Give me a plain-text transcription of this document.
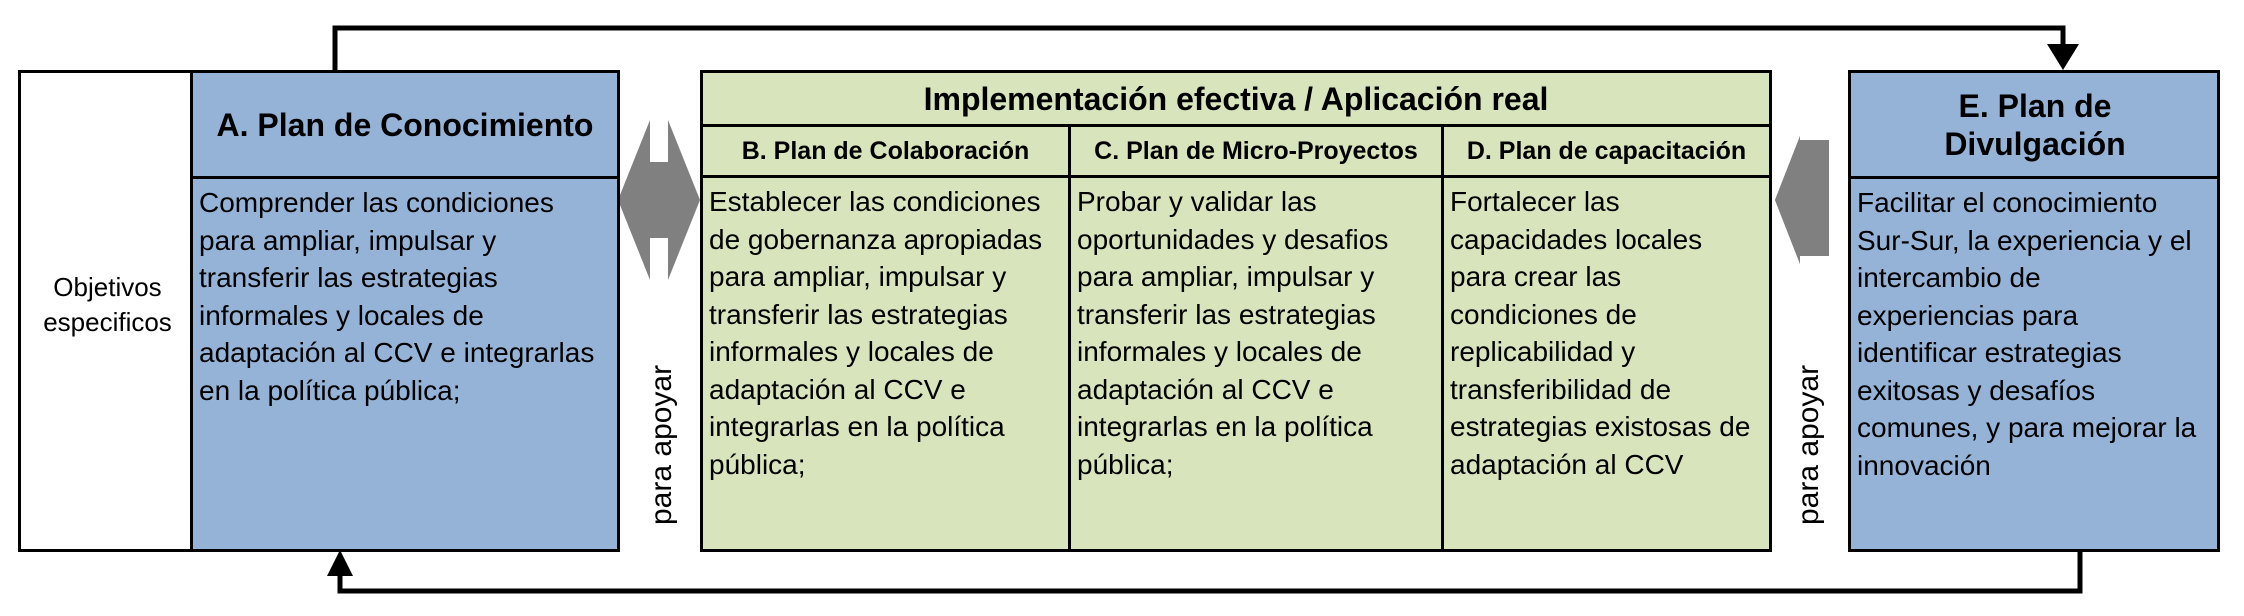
Objetivos especificos
A. Plan de Conocimiento
Comprender las condiciones para ampliar, impulsar y transferir las estrategias informales y locales de adaptación al CCV e integrarlas en la política pública;	para apoyar
Implementación efectiva / Aplicación real
B. Plan de Colaboración
Establecer las condiciones de gobernanza apropiadas para ampliar, impulsar y transferir las estrategias informales y locales de adaptación al CCV e integrarlas en la política pública;
C. Plan de Micro-Proyectos
Probar y validar las oportunidades y desafios para ampliar, impulsar y transferir las estrategias informales y locales de adaptación al CCV e integrarlas en la política pública;
D. Plan de capacitación
Fortalecer las capacidades locales para crear las condiciones de replicabilidad y transferibilidad de estrategias existosas de adaptación al CCV	para apoyar
E. Plan de Divulgación
Facilitar el conocimiento Sur-Sur, la experiencia y el intercambio de experiencias para identificar estrategias exitosas y desafíos comunes, y para mejorar la innovación
